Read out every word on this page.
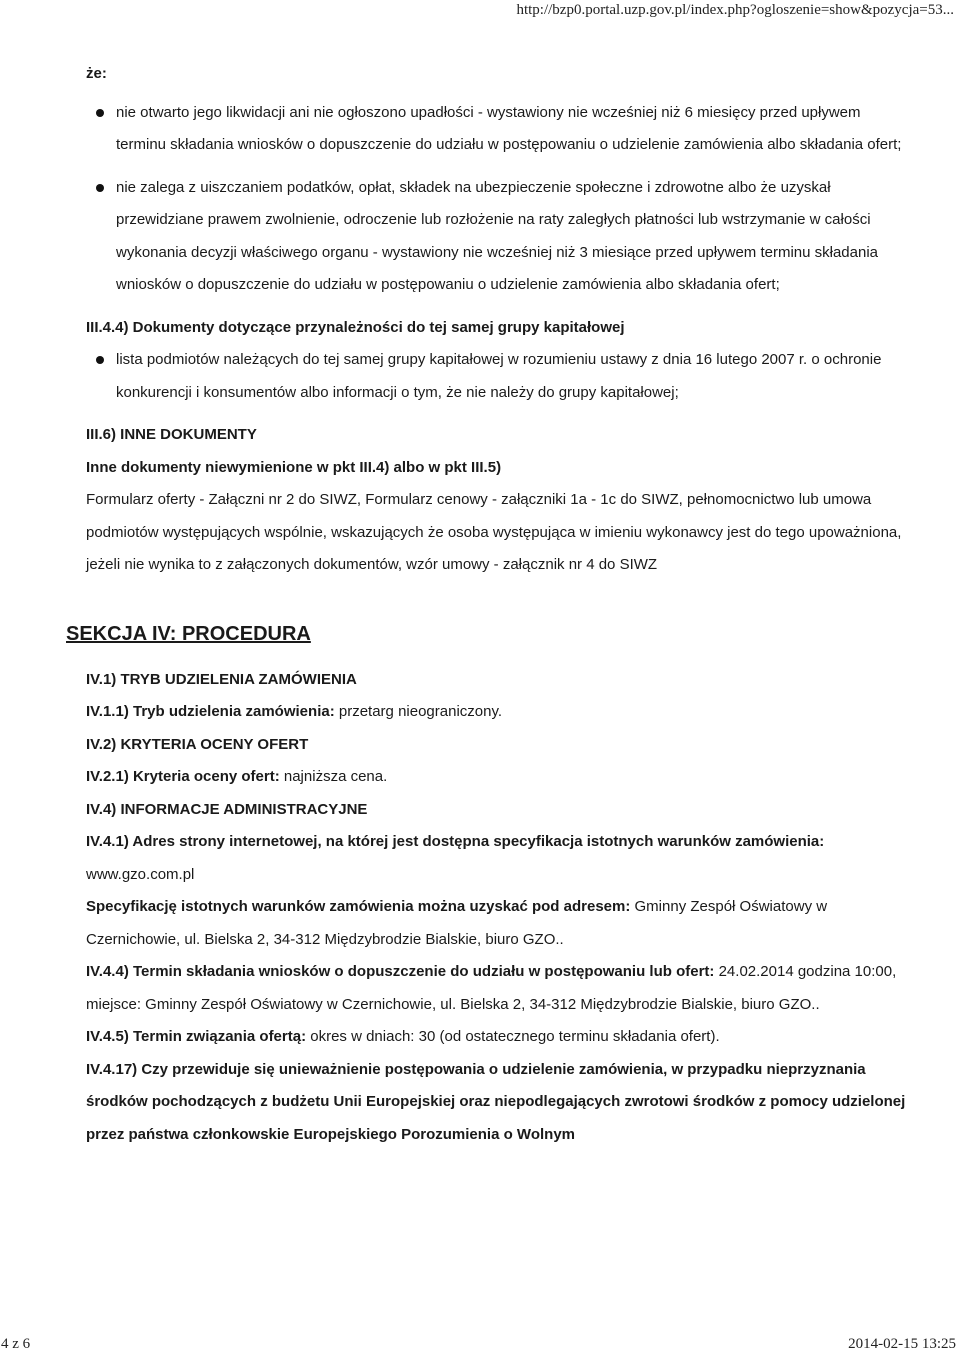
http://bzp0.portal.uzp.gov.pl/index.php?ogloszenie=show&pozycja=53...
że:
nie otwarto jego likwidacji ani nie ogłoszono upadłości - wystawiony nie wcześniej niż 6 miesięcy przed upływem terminu składania wniosków o dopuszczenie do udziału w postępowaniu o udzielenie zamówienia albo składania ofert;
nie zalega z uiszczaniem podatków, opłat, składek na ubezpieczenie społeczne i zdrowotne albo że uzyskał przewidziane prawem zwolnienie, odroczenie lub rozłożenie na raty zaległych płatności lub wstrzymanie w całości wykonania decyzji właściwego organu - wystawiony nie wcześniej niż 3 miesiące przed upływem terminu składania wniosków o dopuszczenie do udziału w postępowaniu o udzielenie zamówienia albo składania ofert;
III.4.4) Dokumenty dotyczące przynależności do tej samej grupy kapitałowej
lista podmiotów należących do tej samej grupy kapitałowej w rozumieniu ustawy z dnia 16 lutego 2007 r. o ochronie konkurencji i konsumentów albo informacji o tym, że nie należy do grupy kapitałowej;
III.6) INNE DOKUMENTY
Inne dokumenty niewymienione w pkt III.4) albo w pkt III.5)

Formularz oferty - Załączni nr 2 do SIWZ, Formularz cenowy - załączniki 1a - 1c do SIWZ, pełnomocnictwo lub umowa podmiotów występujących wspólnie, wskazujących że osoba występująca w imieniu wykonawcy jest do tego upoważniona, jeżeli nie wynika to z załączonych dokumentów, wzór umowy - załącznik nr 4 do SIWZ

SEKCJA IV: PROCEDURA
IV.1) TRYB UDZIELENIA ZAMÓWIENIA

IV.1.1) Tryb udzielenia zamówienia: przetarg nieograniczony.

IV.2) KRYTERIA OCENY OFERT

IV.2.1) Kryteria oceny ofert: najniższa cena.

IV.4) INFORMACJE ADMINISTRACYJNE

IV.4.1) Adres strony internetowej, na której jest dostępna specyfikacja istotnych warunków zamówienia: www.gzo.com.pl

Specyfikację istotnych warunków zamówienia można uzyskać pod adresem: Gminny Zespół Oświatowy w Czernichowie, ul. Bielska 2, 34-312 Międzybrodzie Bialskie, biuro GZO..

IV.4.4) Termin składania wniosków o dopuszczenie do udziału w postępowaniu lub ofert: 24.02.2014 godzina 10:00, miejsce: Gminny Zespół Oświatowy w Czernichowie, ul. Bielska 2, 34-312 Międzybrodzie Bialskie, biuro GZO..

IV.4.5) Termin związania ofertą: okres w dniach: 30 (od ostatecznego terminu składania ofert).

IV.4.17) Czy przewiduje się unieważnienie postępowania o udzielenie zamówienia, w przypadku nieprzyznania środków pochodzących z budżetu Unii Europejskiej oraz niepodlegających zwrotowi środków z pomocy udzielonej przez państwa członkowskie Europejskiego Porozumienia o Wolnym

4 z 6	2014-02-15 13:25
